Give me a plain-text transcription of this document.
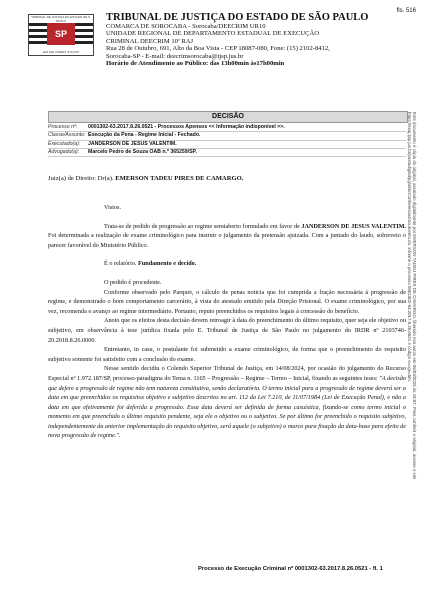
fls. 516
TRIBUNAL DE JUSTIÇA DO ESTADO DE S. PAULO
SP
LEX DEI VINDEX JUS DAT
TRIBUNAL DE JUSTIÇA DO ESTADO DE SÃO PAULO
COMARCA DE SOROCABA - Sorocaba/DEECRIM UR10
UNIDADE REGIONAL DE DEPARTAMENTO ESTADUAL DE EXECUÇÃO
CRIMINAL DEECRIM 10ª RAJ
Rua 28 de Outubro, 691, Alto da Boa Vista - CEP 18087-080, Fone: (15) 2102-8412,
Sorocaba-SP - E-mail: deecrimsorocaba@tjsp.jus.br
Horário de Atendimento ao Público: das 13h00min às17h00min
DECISÃO
Processo nº:	0001302-63.2017.8.26.0521 - Processos Apensos << Informação indisponível >>.
Classe/Assunto: Execução da Pena - Regime Inicial - Fechado.
Executado(a):	JANDERSON DE JESUS VALENTIM.
Advogado(a):	Marcelo Pedro de Souza OAB n.º 365259/SP.
Juiz(a) de Direito: Dr(a). EMERSON TADEU PIRES DE CAMARGO.

Vistos.

Trata-se de pedido de progressão ao regime semiaberto formulado em favor de JANDERSON DE JESUS VALENTIM. Foi determinada a realização de exame criminológico para instruir o julgamento da pretensão ajuizada. Com a juntado do laudo, sobreveio o parecer favorável do Ministério Público.

É o relatório. Fundamento e decido.

O pedido é procedente.

Conforme observado pelo Parquet, o cálculo de penas noticia que foi cumprida a fração necessária à progressão de regime, e demonstrado o bom comportamento carcerário, à vista do atestado emitido pela Direção Prisional. O exame criminológico, por sua vez, recomenda o avanço ao regime intermediário. Portanto, reputo preenchidos os requisitos legais à concessão do benefício.

Anoto que os efeitos desta decisão devem retroagir à data do preenchimento do último requisito, quer seja ele objetivo ou subjetivo, em observância à tese jurídica fixada pelo E. Tribunal de Justiça de São Paulo no julgamento do IRDR nº 2103746-20.2018.8.26.0000.

Entretanto, in casu, o postulante foi submetido a exame criminológico, de forma que o preenchimento do requisito subjetivo somente foi satisfeito com a conclusão do exame.

Nesse sentido decidiu o Colendo Superior Tribunal de Justiça, em 14/08/2024, por ocasião do julgamento do Recurso Especial nº 1.972.187/SP, processo-paradigma do Tema n. 1165 – Progressão – Regime – Termo – Inicial, fixando as seguintes teses: "A decisão que defere a progressão de regime não tem natureza constitutiva, senão declaratória. O termo inicial para a progressão de regime deverá ser a data em que preenchidos os requisitos objetivo e subjetivo descritos no art. 112 da Lei 7.210, de 11/07/1984 (Lei de Execução Penal), e não a data em que efetivamente foi deferida a progressão. Essa data deverá ser definida de forma casuística, fixando-se como termo inicial o momento em que preenchido o último requisito pendente, seja ele o objetivo ou o subjetivo. Se por último for preenchido o requisito subjetivo, independentemente da anterior implementação do requisito objetivo, será aquele (o subjetivo) o marco para fixação da data-base para efeito de nova progressão de regime.".

Processo de Execução Criminal nº 0001302-63.2017.8.26.0521 - fl. 1
Este documento é cópia do original, assinado digitalmente por EMERSON TADEU PIRES DE CAMARGO, liberado nos autos em 06/03/2025 às 18:57. Para conferir o original, acesse o site https://esaj.tjsp.jus.br/pastadigital/pg/abrirConferenciaDocumento.do, informe o processo 0001302-63.2017.8.26.0521 e código e=cgv=5m.
